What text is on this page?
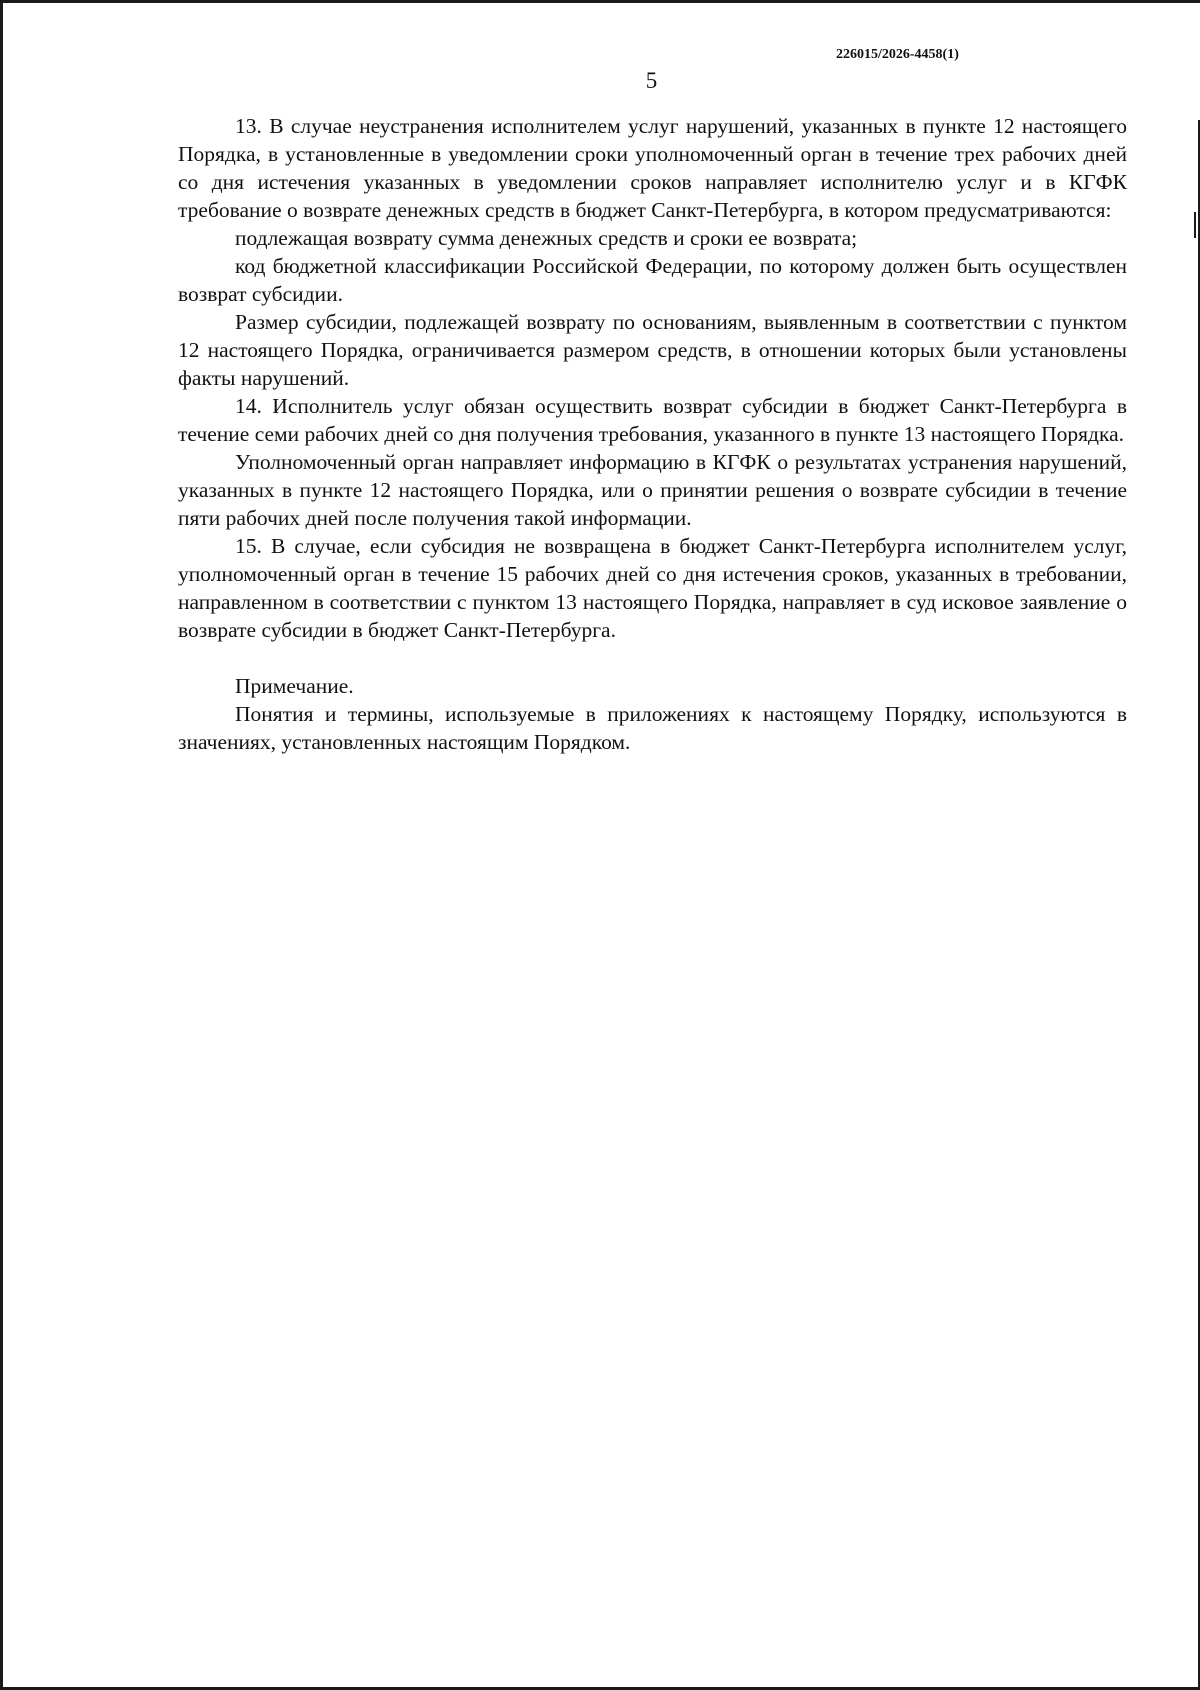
226015/2026-4458(1)
5

13. В случае неустранения исполнителем услуг нарушений, указанных в пункте 12 настоящего Порядка, в установленные в уведомлении сроки уполномоченный орган в течение трех рабочих дней со дня истечения указанных в уведомлении сроков направляет исполнителю услуг и в КГФК требование о возврате денежных средств в бюджет Санкт-Петербурга, в котором предусматриваются:

подлежащая возврату сумма денежных средств и сроки ее возврата;

код бюджетной классификации Российской Федерации, по которому должен быть осуществлен возврат субсидии.

Размер субсидии, подлежащей возврату по основаниям, выявленным в соответствии с пунктом 12 настоящего Порядка, ограничивается размером средств, в отношении которых были установлены факты нарушений.

14. Исполнитель услуг обязан осуществить возврат субсидии в бюджет Санкт-Петербурга в течение семи рабочих дней со дня получения требования, указанного в пункте 13 настоящего Порядка.

Уполномоченный орган направляет информацию в КГФК о результатах устранения нарушений, указанных в пункте 12 настоящего Порядка, или о принятии решения о возврате субсидии в течение пяти рабочих дней после получения такой информации.

15. В случае, если субсидия не возвращена в бюджет Санкт-Петербурга исполнителем услуг, уполномоченный орган в течение 15 рабочих дней со дня истечения сроков, указанных в требовании, направленном в соответствии с пунктом 13 настоящего Порядка, направляет в суд исковое заявление о возврате субсидии в бюджет Санкт-Петербурга.

Примечание.

Понятия и термины, используемые в приложениях к настоящему Порядку, используются в значениях, установленных настоящим Порядком.
